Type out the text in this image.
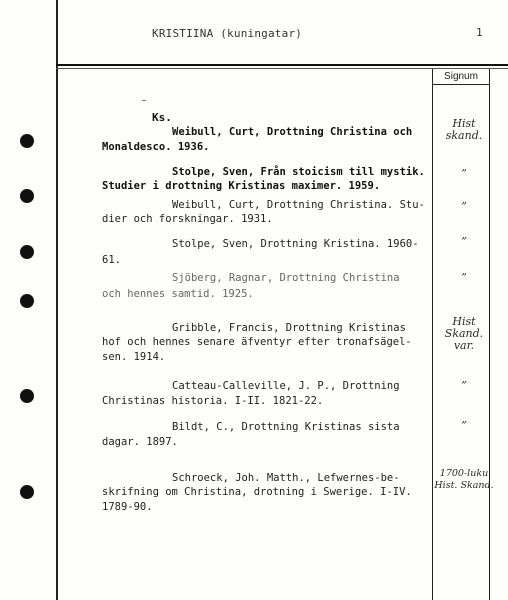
KRISTIINA (kuningatar)	1
Signum
Ks.
Weibull, Curt, Drottning Christina och
Monaldesco. 1936.
Hist
skand.
Stolpe, Sven, Från stoicism till mystik.
Studier i drottning Kristinas maximer. 1959.
”
Weibull, Curt, Drottning Christina. Stu-
dier och forskningar. 1931.
”
Stolpe, Sven, Drottning Kristina. 1960-
61.
”
Sjöberg, Ragnar, Drottning Christina
och hennes samtid. 1925.
”
Gribble, Francis, Drottning Kristinas
hof och hennes senare äfventyr efter tronafsägel-
sen. 1914.
Hist
Skand.
var.
Catteau-Calleville, J. P., Drottning
Christinas historia. I-II. 1821-22.
”
Bildt, C., Drottning Kristinas sista
dagar. 1897.
”
Schroeck, Joh. Matth., Lefwernes-be-
skrifning om Christina, drotning i Swerige. I-IV.
1789-90.
1700-luku
Hist. Skand.
